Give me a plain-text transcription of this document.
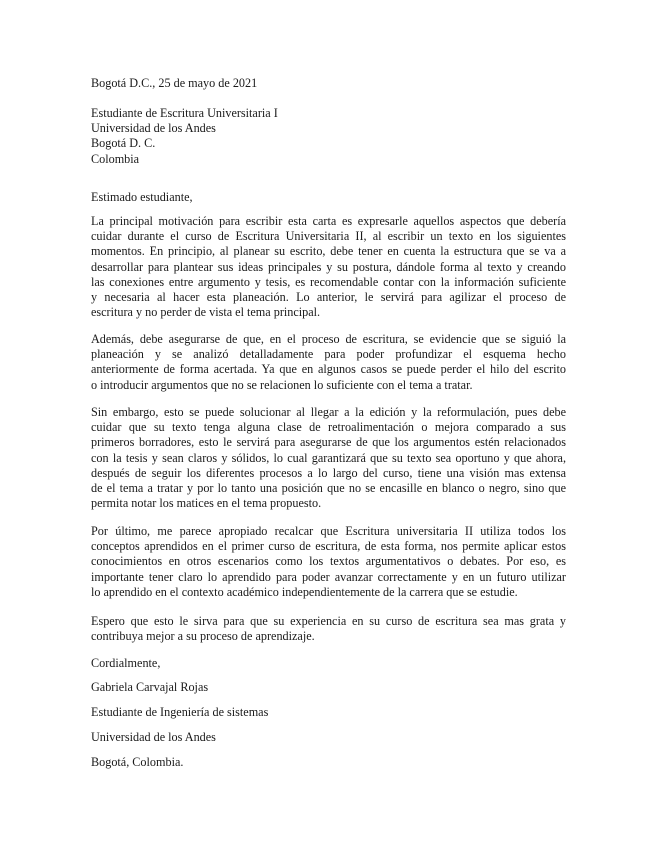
Bogotá D.C., 25 de mayo de 2021
Estudiante de Escritura Universitaria I
Universidad de los Andes
Bogotá D. C.
Colombia
Estimado estudiante,
La principal motivación para escribir esta carta es expresarle aquellos aspectos que debería
cuidar durante el curso de Escritura Universitaria II, al escribir un texto en los siguientes
momentos. En principio, al planear su escrito, debe tener en cuenta la estructura que se va a
desarrollar para plantear sus ideas principales y su postura, dándole forma al texto y creando
las conexiones entre argumento y tesis, es recomendable contar con la información suficiente
y necesaria al hacer esta planeación. Lo anterior, le servirá para agilizar el proceso de
escritura y no perder de vista el tema principal.
Además, debe asegurarse de que, en el proceso de escritura, se evidencie que se siguió la
planeación y se analizó detalladamente para poder profundizar el esquema hecho
anteriormente de forma acertada. Ya que en algunos casos se puede perder el hilo del escrito
o introducir argumentos que no se relacionen lo suficiente con el tema a tratar.
Sin embargo, esto se puede solucionar al llegar a la edición y la reformulación, pues debe
cuidar que su texto tenga alguna clase de retroalimentación o mejora comparado a sus
primeros borradores, esto le servirá para asegurarse de que los argumentos estén relacionados
con la tesis y sean claros y sólidos, lo cual garantizará que su texto sea oportuno y que ahora,
después de seguir los diferentes procesos a lo largo del curso, tiene una visión mas extensa
de el tema a tratar y por lo tanto una posición que no se encasille en blanco o negro, sino que
permita notar los matices en el tema propuesto.
Por último, me parece apropiado recalcar que Escritura universitaria II utiliza todos los
conceptos aprendidos en el primer curso de escritura, de esta forma, nos permite aplicar estos
conocimientos en otros escenarios como los textos argumentativos o debates. Por eso, es
importante tener claro lo aprendido para poder avanzar correctamente y en un futuro utilizar
lo aprendido en el contexto académico independientemente de la carrera que se estudie.
Espero que esto le sirva para que su experiencia en su curso de escritura sea mas grata y
contribuya mejor a su proceso de aprendizaje.
Cordialmente,
Gabriela Carvajal Rojas
Estudiante de Ingeniería de sistemas
Universidad de los Andes
Bogotá, Colombia.
